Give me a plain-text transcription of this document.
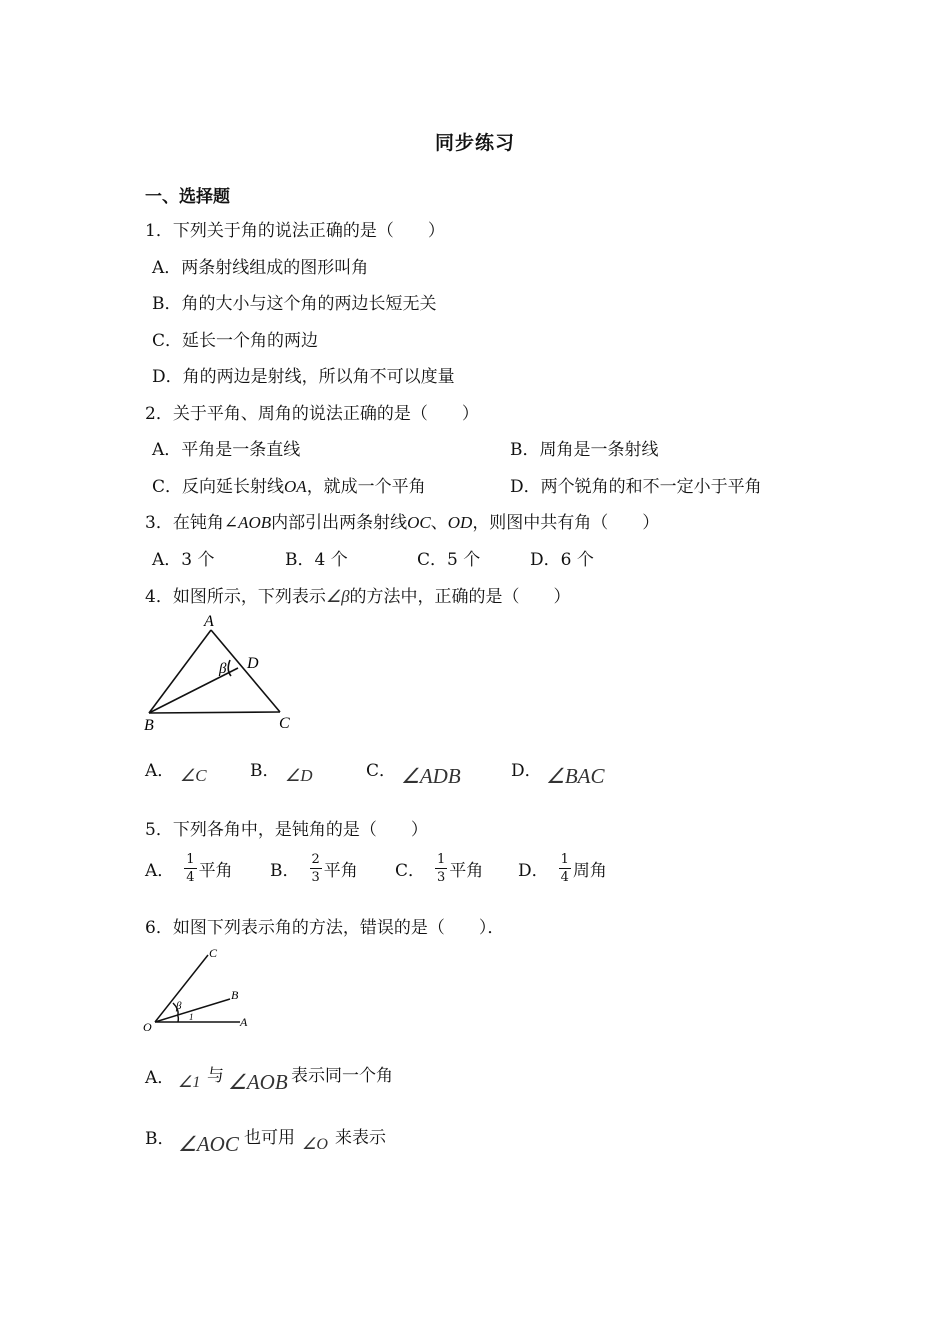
同步练习
一、选择题
1．下列关于角的说法正确的是（　　）
A．两条射线组成的图形叫角
B．角的大小与这个角的两边长短无关
C．延长一个角的两边
D．角的两边是射线，所以角不可以度量
2．关于平角、周角的说法正确的是（　　）
A．平角是一条直线	B．周角是一条射线
C．反向延长射线OA，就成一个平角	D．两个锐角的和不一定小于平角
3．在钝角∠AOB内部引出两条射线OC、OD，则图中共有角（　　）
A．3 个	B．4 个	C．5 个	D．6 个
4．如图所示，下列表示∠β的方法中，正确的是（　　）
A
B	C
D
β
A． ∠C	B． ∠D	C． ∠ADB	D． ∠BAC
5．下列各角中，是钝角的是（　　）
A． $\frac{1}{4}$ 平角 B． $\frac{2}{3}$ 平角 C． $\frac{1}{3}$ 平角 D． $\frac{1}{4}$ 周角
6．如图下列表示角的方法，错误的是（　　）．
O	A
B
C
β
1
A． ∠1 与 ∠AOB 表示同一个角
B． ∠AOC 也可用 ∠O 来表示
